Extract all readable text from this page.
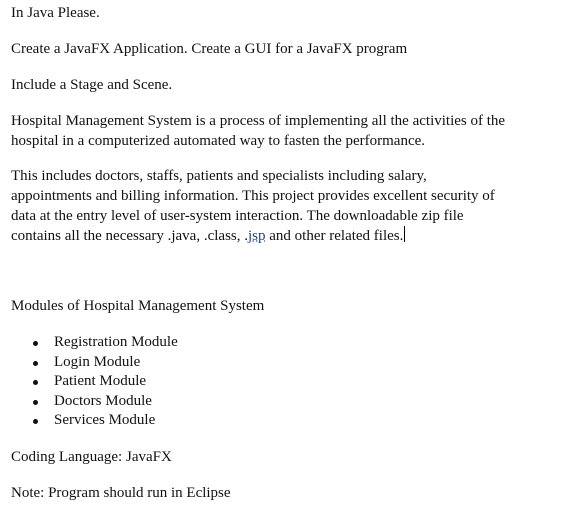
In Java Please.
Create a JavaFX Application. Create a GUI for a JavaFX program
Include a Stage and Scene.
Hospital Management System is a process of implementing all the activities of the
hospital in a computerized automated way to fasten the performance.
This includes doctors, staffs, patients and specialists including salary,
appointments and billing information. This project provides excellent security of
data at the entry level of user-system interaction. The downloadable zip file
contains all the necessary .java, .class, .jsp and other related files.
Modules of Hospital Management System
Registration Module
Login Module
Patient Module
Doctors Module
Services Module
Coding Language: JavaFX
Note: Program should run in Eclipse
